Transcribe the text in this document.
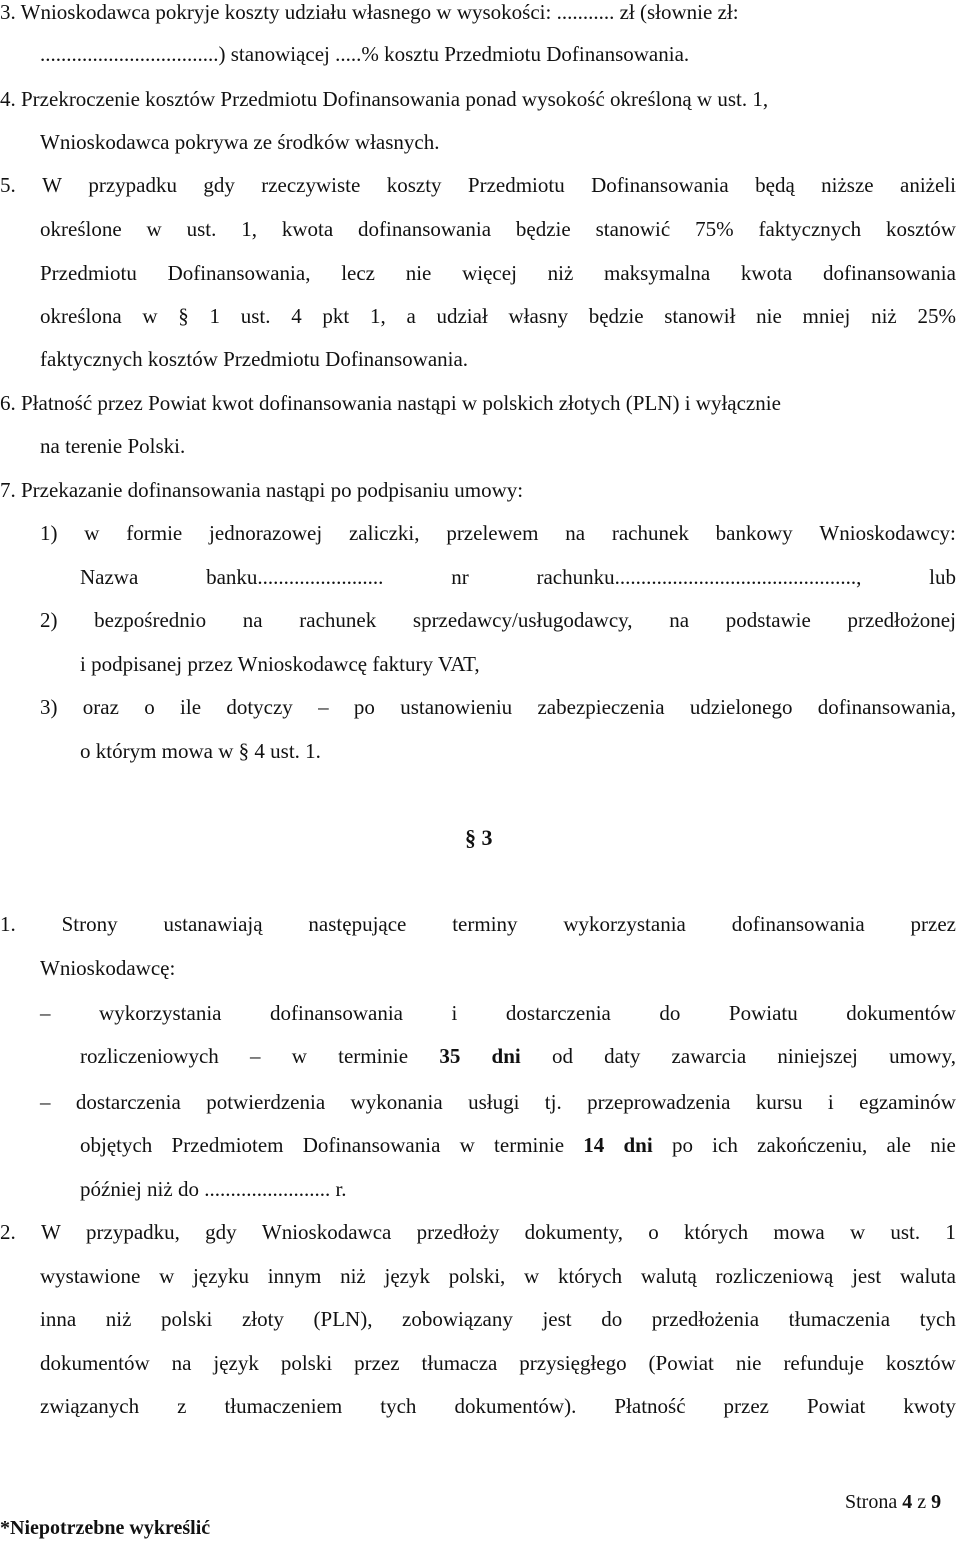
3. Wnioskodawca pokryje koszty udziału własnego w wysokości: ........... zł (słownie zł:
..................................) stanowiącej .....% kosztu Przedmiotu Dofinansowania.
4. Przekroczenie kosztów Przedmiotu Dofinansowania ponad wysokość określoną w ust. 1,
Wnioskodawca pokrywa ze środków własnych.
5. W przypadku gdy rzeczywiste koszty Przedmiotu Dofinansowania będą niższe aniżeli
określone w ust. 1, kwota dofinansowania będzie stanowić 75% faktycznych kosztów
Przedmiotu Dofinansowania, lecz nie więcej niż maksymalna kwota dofinansowania
określona w § 1 ust. 4 pkt 1, a udział własny będzie stanowił nie mniej niż 25%
faktycznych kosztów Przedmiotu Dofinansowania.
6. Płatność przez Powiat kwot dofinansowania nastąpi w polskich złotych (PLN) i wyłącznie
na terenie Polski.
7. Przekazanie dofinansowania nastąpi po podpisaniu umowy:
1) w formie jednorazowej zaliczki, przelewem na rachunek bankowy Wnioskodawcy:
Nazwa	banku........................	nr	rachunku..............................................,	lub
2) bezpośrednio na rachunek sprzedawcy/usługodawcy, na podstawie przedłożonej
i podpisanej przez Wnioskodawcę faktury VAT,
3) oraz o ile dotyczy – po ustanowieniu zabezpieczenia udzielonego dofinansowania,
o którym mowa w § 4 ust. 1.
§ 3
1. Strony ustanawiają następujące terminy wykorzystania dofinansowania przez
Wnioskodawcę:
– wykorzystania dofinansowania i dostarczenia do Powiatu dokumentów
rozliczeniowych – w terminie 35 dni od daty zawarcia niniejszej umowy,
– dostarczenia potwierdzenia wykonania usługi tj. przeprowadzenia kursu i egzaminów
objętych Przedmiotem Dofinansowania w terminie 14 dni po ich zakończeniu, ale nie
później niż do ........................ r.
2. W przypadku, gdy Wnioskodawca przedłoży dokumenty, o których mowa w ust. 1
wystawione w języku innym niż język polski, w których walutą rozliczeniową jest waluta
inna niż polski złoty (PLN), zobowiązany jest do przedłożenia tłumaczenia tych
dokumentów na język polski przez tłumacza przysięgłego (Powiat nie refunduje kosztów
związanych z tłumaczeniem tych dokumentów). Płatność przez Powiat kwoty
Strona 4 z 9
*Niepotrzebne wykreślić
